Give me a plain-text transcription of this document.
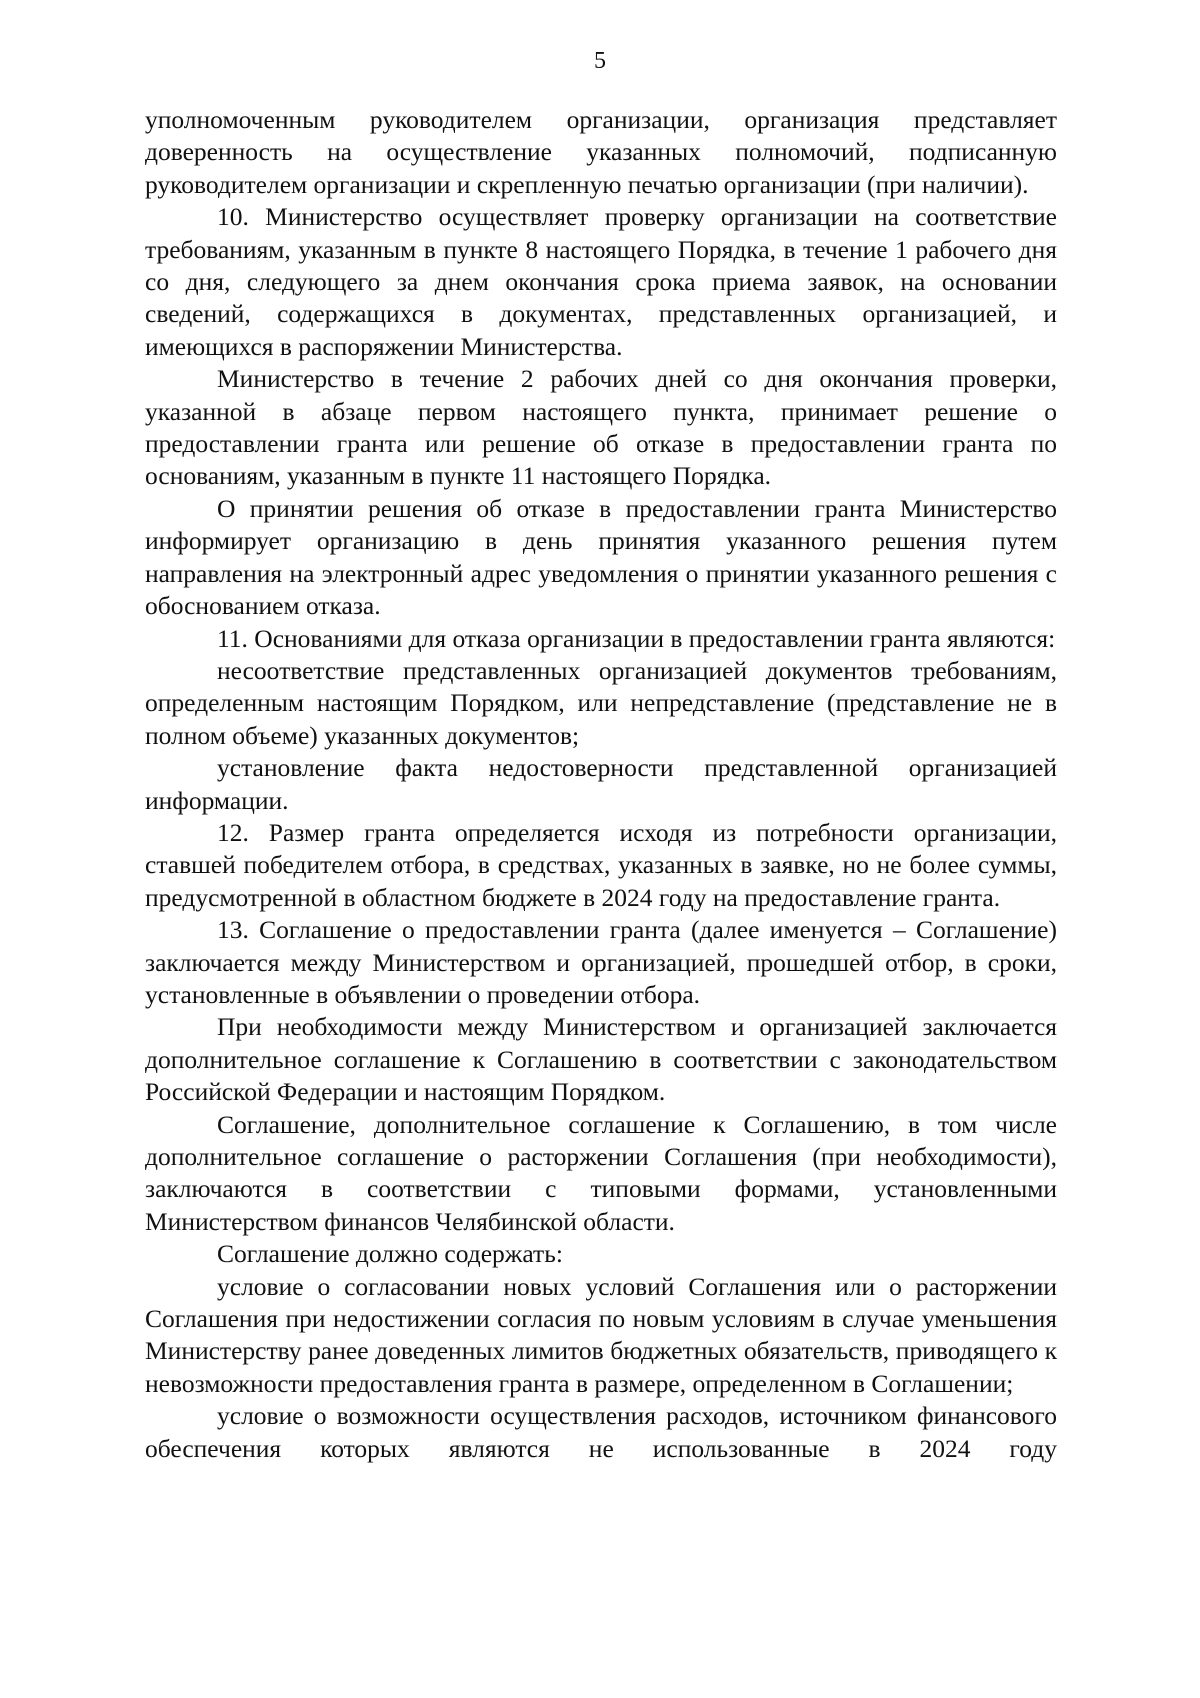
5

уполномоченным руководителем организации, организация представляет доверенность на осуществление указанных полномочий, подписанную руководителем организации и скрепленную печатью организации (при наличии).

10. Министерство осуществляет проверку организации на соответствие требованиям, указанным в пункте 8 настоящего Порядка, в течение 1 рабочего дня со дня, следующего за днем окончания срока приема заявок, на основании сведений, содержащихся в документах, представленных организацией, и имеющихся в распоряжении Министерства.

Министерство в течение 2 рабочих дней со дня окончания проверки, указанной в абзаце первом настоящего пункта, принимает решение о предоставлении гранта или решение об отказе в предоставлении гранта по основаниям, указанным в пункте 11 настоящего Порядка.

О принятии решения об отказе в предоставлении гранта Министерство информирует организацию в день принятия указанного решения путем направления на электронный адрес уведомления о принятии указанного решения с обоснованием отказа.

11. Основаниями для отказа организации в предоставлении гранта являются:

несоответствие представленных организацией документов требованиям, определенным настоящим Порядком, или непредставление (представление не в полном объеме) указанных документов;

установление факта недостоверности представленной организацией информации.

12. Размер гранта определяется исходя из потребности организации, ставшей победителем отбора, в средствах, указанных в заявке, но не более суммы, предусмотренной в областном бюджете в 2024 году на предоставление гранта.

13. Соглашение о предоставлении гранта (далее именуется – Соглашение) заключается между Министерством и организацией, прошедшей отбор, в сроки, установленные в объявлении о проведении отбора.

При необходимости между Министерством и организацией заключается дополнительное соглашение к Соглашению в соответствии с законодательством Российской Федерации и настоящим Порядком.

Соглашение, дополнительное соглашение к Соглашению, в том числе дополнительное соглашение о расторжении Соглашения (при необходимости), заключаются в соответствии с типовыми формами, установленными Министерством финансов Челябинской области.

Соглашение должно содержать:

условие о согласовании новых условий Соглашения или о расторжении Соглашения при недостижении согласия по новым условиям в случае уменьшения Министерству ранее доведенных лимитов бюджетных обязательств, приводящего к невозможности предоставления гранта в размере, определенном в Соглашении;

условие о возможности осуществления расходов, источником финансового обеспечения которых являются не использованные в 2024 году
